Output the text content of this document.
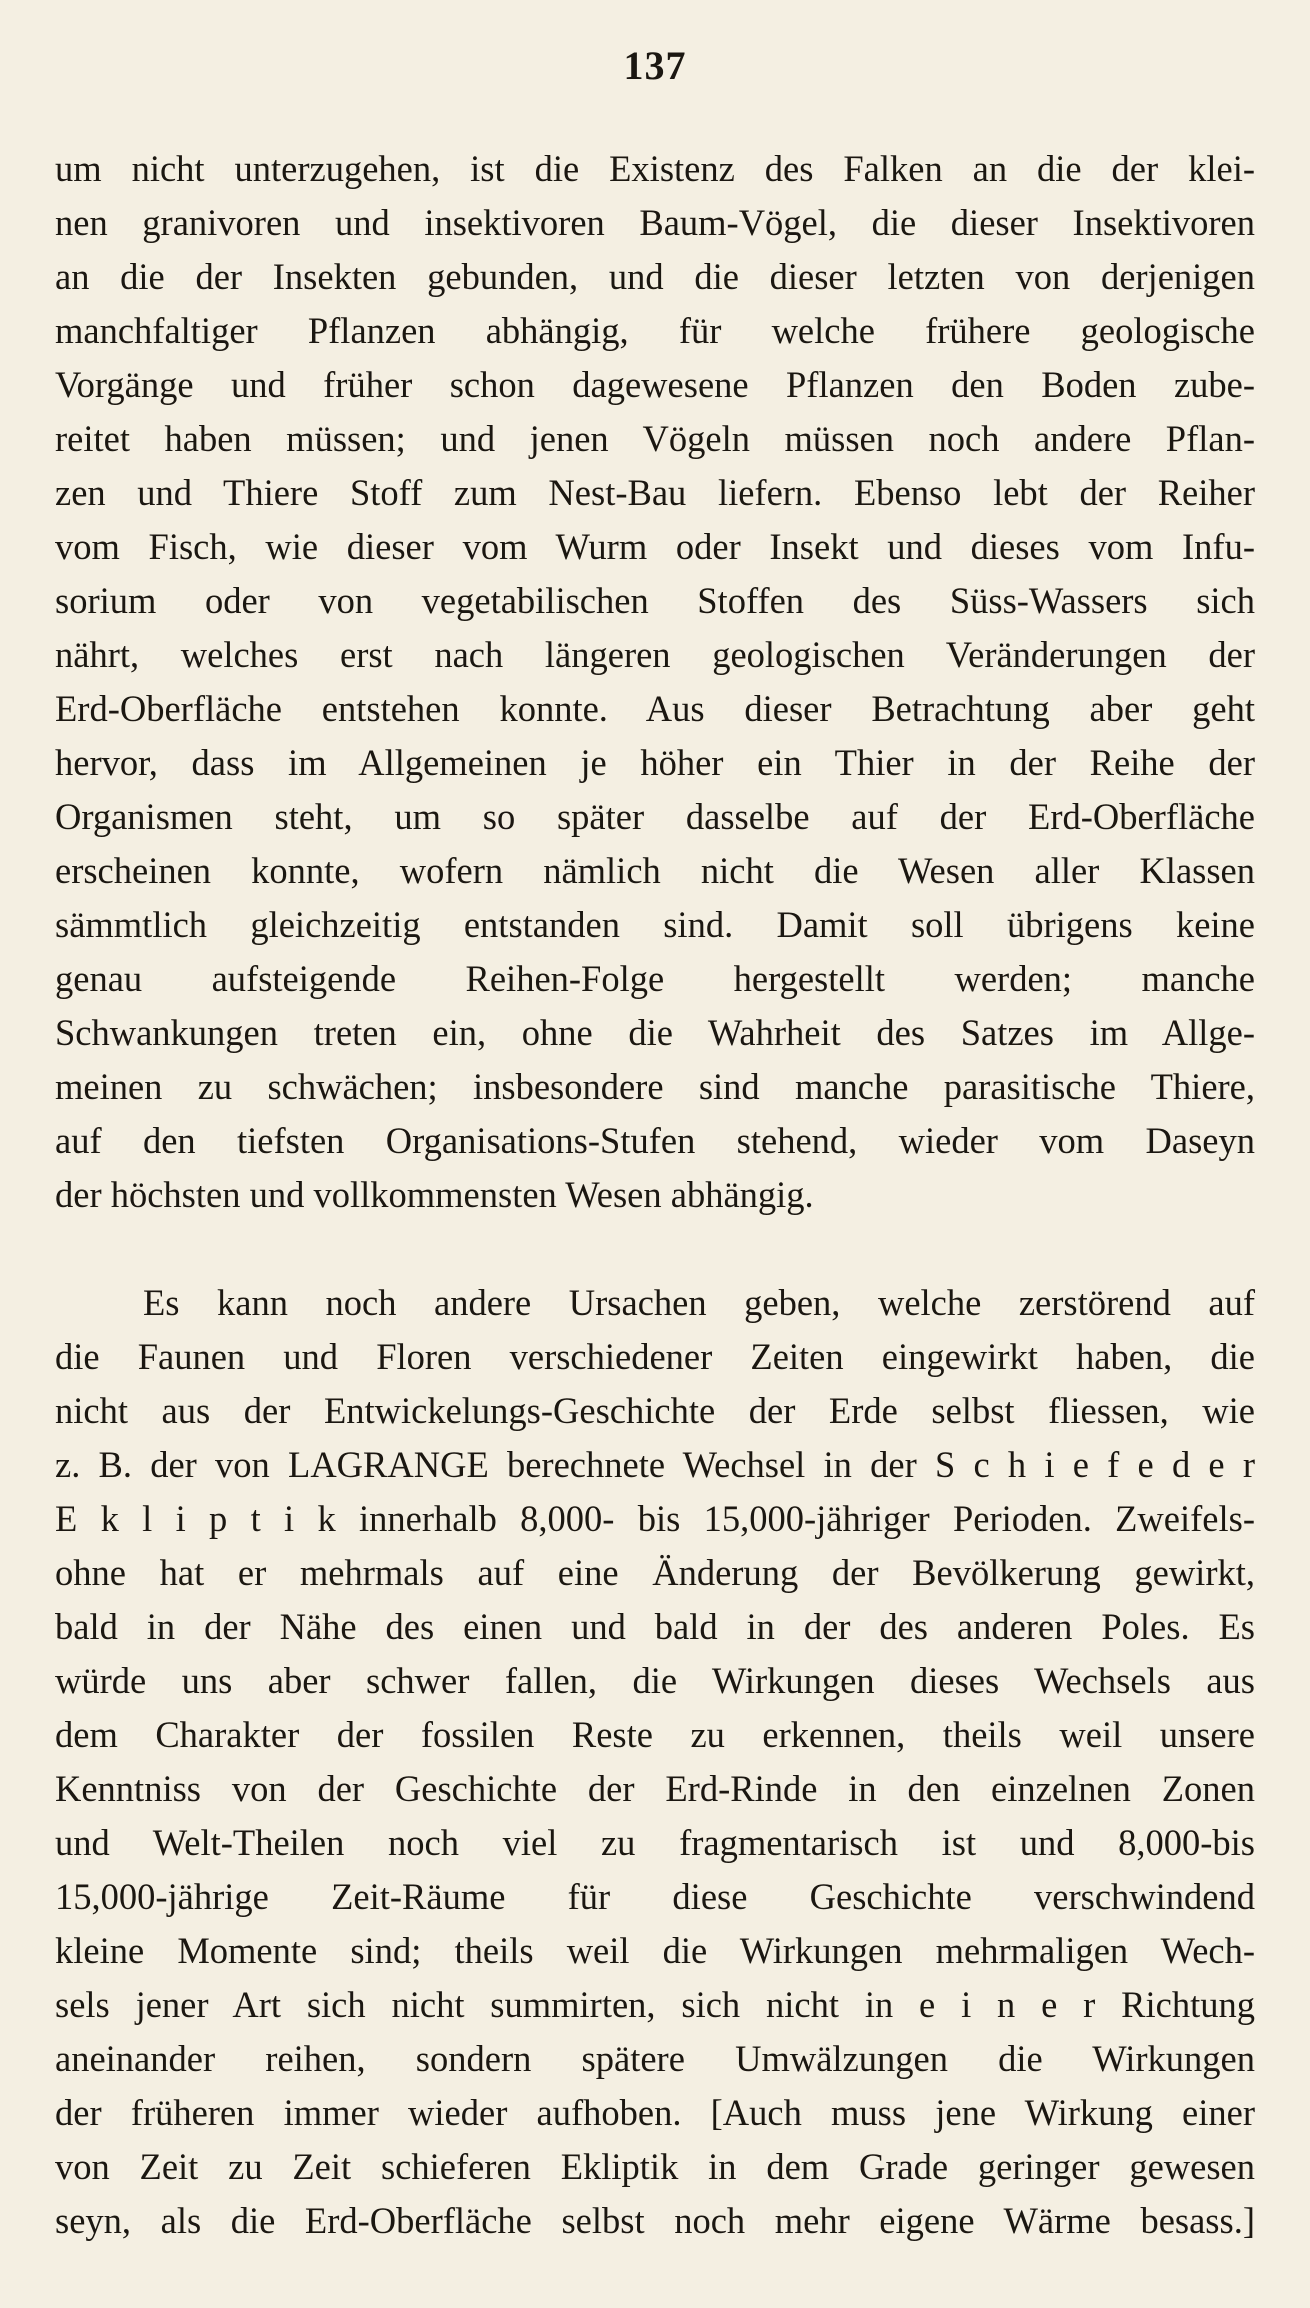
137
um nicht unterzugehen, ist die Existenz des Falken an die der klei-
nen granivoren und insektivoren Baum-Vögel, die dieser Insektivoren
an die der Insekten gebunden, und die dieser letzten von derjenigen
manchfaltiger Pflanzen abhängig, für welche frühere geologische
Vorgänge und früher schon dagewesene Pflanzen den Boden zube-
reitet haben müssen; und jenen Vögeln müssen noch andere Pflan-
zen und Thiere Stoff zum Nest-Bau liefern. Ebenso lebt der Reiher
vom Fisch, wie dieser vom Wurm oder Insekt und dieses vom Infu-
sorium oder von vegetabilischen Stoffen des Süss-Wassers sich
nährt, welches erst nach längeren geologischen Veränderungen der
Erd-Oberfläche entstehen konnte. Aus dieser Betrachtung aber geht
hervor, dass im Allgemeinen je höher ein Thier in der Reihe der
Organismen steht, um so später dasselbe auf der Erd-Oberfläche
erscheinen konnte, wofern nämlich nicht die Wesen aller Klassen
sämmtlich gleichzeitig entstanden sind. Damit soll übrigens keine
genau aufsteigende Reihen-Folge hergestellt werden; manche
Schwankungen treten ein, ohne die Wahrheit des Satzes im Allge-
meinen zu schwächen; insbesondere sind manche parasitische Thiere,
auf den tiefsten Organisations-Stufen stehend, wieder vom Daseyn
der höchsten und vollkommensten Wesen abhängig.
Es kann noch andere Ursachen geben, welche zerstörend auf
die Faunen und Floren verschiedener Zeiten eingewirkt haben, die
nicht aus der Entwickelungs-Geschichte der Erde selbst fliessen, wie
z. B. der von LAGRANGE berechnete Wechsel in der S c h i e f e d e r
E k l i p t i k innerhalb 8,000- bis 15,000-jähriger Perioden. Zweifels-
ohne hat er mehrmals auf eine Änderung der Bevölkerung gewirkt,
bald in der Nähe des einen und bald in der des anderen Poles. Es
würde uns aber schwer fallen, die Wirkungen dieses Wechsels aus
dem Charakter der fossilen Reste zu erkennen, theils weil unsere
Kenntniss von der Geschichte der Erd-Rinde in den einzelnen Zonen
und Welt-Theilen noch viel zu fragmentarisch ist und 8,000-bis
15,000-jährige Zeit-Räume für diese Geschichte verschwindend
kleine Momente sind; theils weil die Wirkungen mehrmaligen Wech-
sels jener Art sich nicht summirten, sich nicht in e i n e r Richtung
aneinander reihen, sondern spätere Umwälzungen die Wirkungen
der früheren immer wieder aufhoben. [Auch muss jene Wirkung einer
von Zeit zu Zeit schieferen Ekliptik in dem Grade geringer gewesen
seyn, als die Erd-Oberfläche selbst noch mehr eigene Wärme besass.]
